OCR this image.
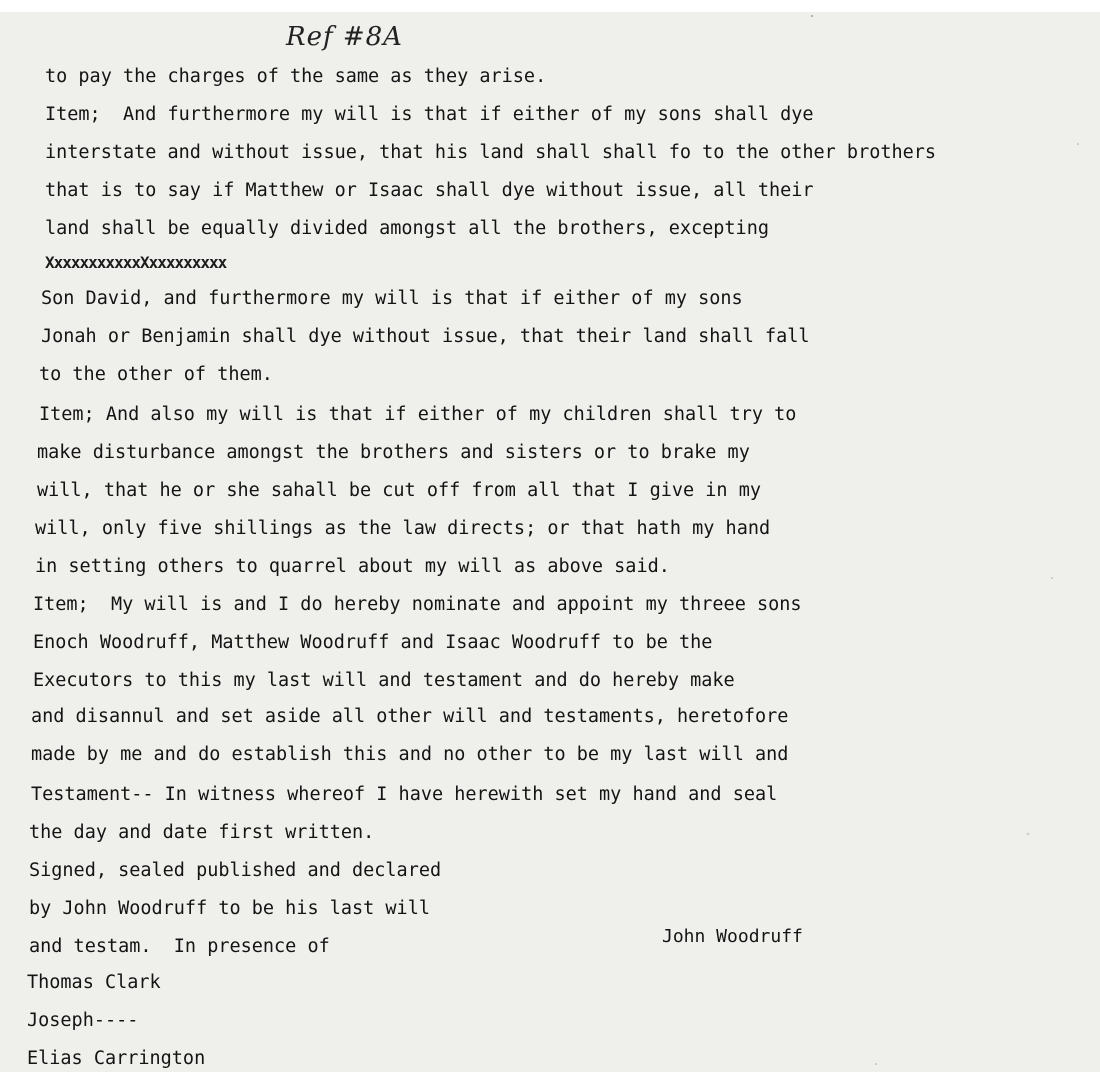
Ref #8A
to pay the charges of the same as they arise.
Item;  And furthermore my will is that if either of my sons shall dye
interstate and without issue, that his land shall shall fo to the other brothers
that is to say if Matthew or Isaac shall dye without issue, all their
land shall be equally divided amongst all the brothers, excepting
XxxxxxxxxxxXxxxxxxxxx
Son David, and furthermore my will is that if either of my sons
Jonah or Benjamin shall dye without issue, that their land shall fall
to the other of them.
Item; And also my will is that if either of my children shall try to
make disturbance amongst the brothers and sisters or to brake my
will, that he or she sahall be cut off from all that I give in my
will, only five shillings as the law directs; or that hath my hand
in setting others to quarrel about my will as above said.
Item;  My will is and I do hereby nominate and appoint my threee sons
Enoch Woodruff, Matthew Woodruff and Isaac Woodruff to be the
Executors to this my last will and testament and do hereby make
and disannul and set aside all other will and testaments, heretofore
made by me and do establish this and no other to be my last will and
Testament-- In witness whereof I have herewith set my hand and seal
the day and date first written.
Signed, sealed published and declared
by John Woodruff to be his last will
and testam.  In presence of
Thomas Clark
Joseph----
Elias Carrington
John Woodruff
